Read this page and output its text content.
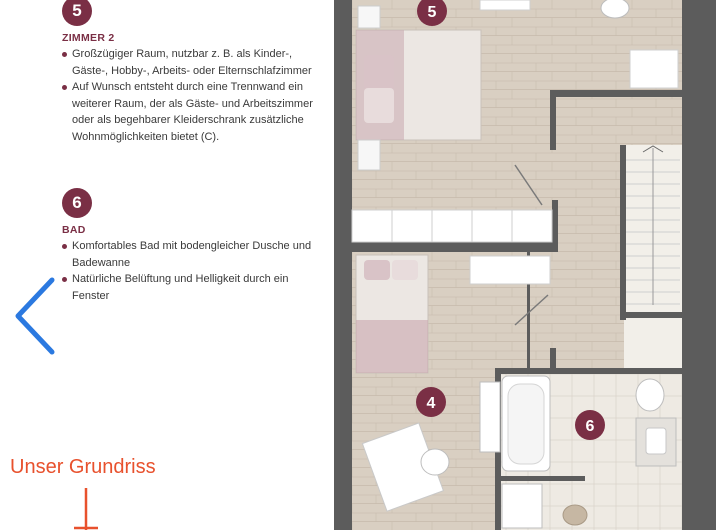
5
ZIMMER 2
Großzügiger Raum, nutzbar z. B. als Kinder-, Gäste-, Hobby-, Arbeits- oder Elternschlafzimmer
Auf Wunsch entsteht durch eine Trennwand ein weiterer Raum, der als Gäste- und Arbeitszimmer oder als begehbarer Kleiderschrank zusätzliche Wohnmöglichkeiten bietet (C).
6
BAD
Komfortables Bad mit bodengleicher Dusche und Badewanne
Natürliche Belüftung und Helligkeit durch ein Fenster
Unser Grundriss
5
4
6
